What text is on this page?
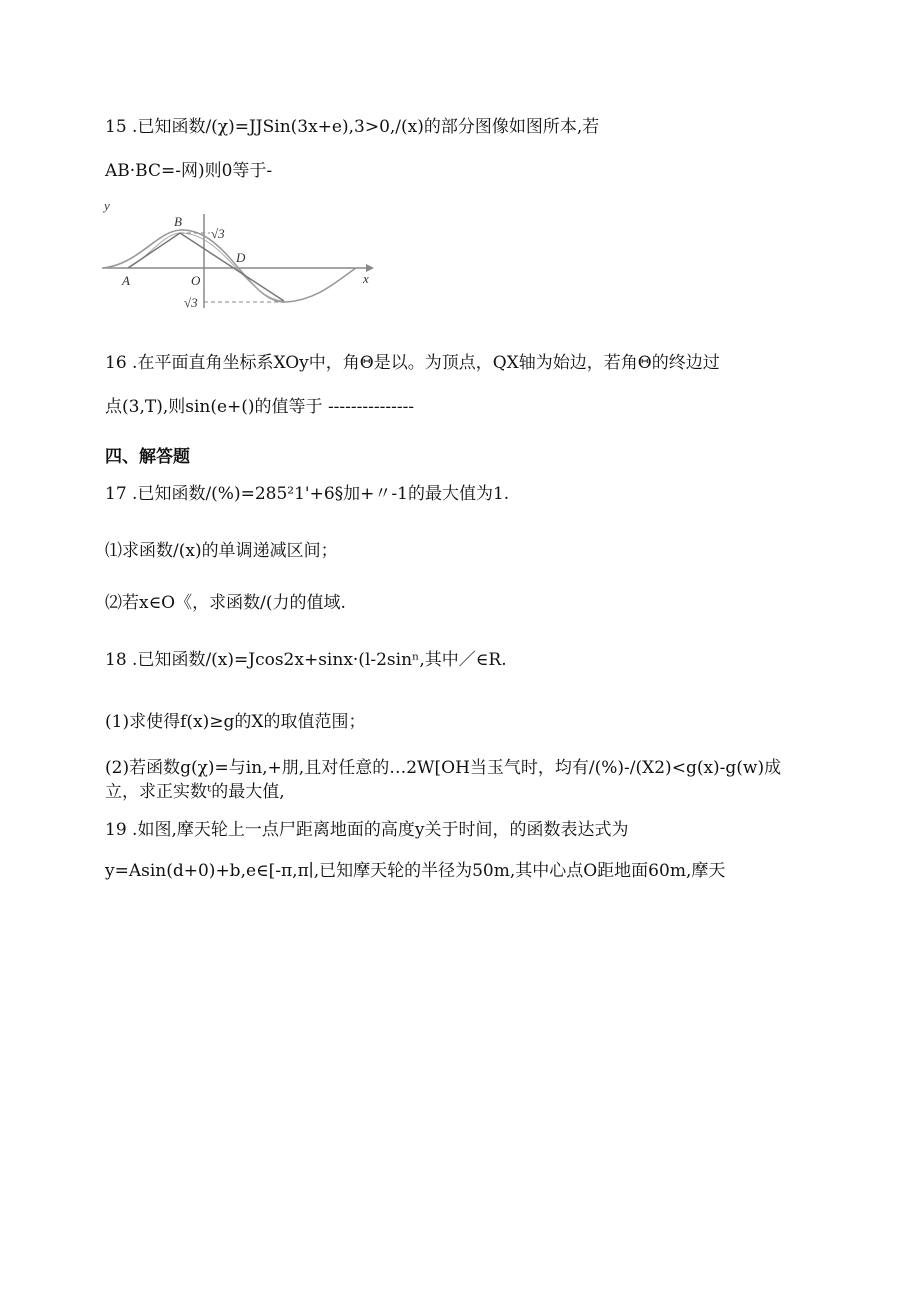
15 .已知函数/(χ)=JJSin(3x+e),3>0,∕(x)的部分图像如图所本,若
AB·BC=-网)则0等于-
y
x
A
B
O
D
√3
√3
16 .在平面直角坐标系XOy中，角Θ是以。为顶点，QX轴为始边，若角Θ的终边过
点(3,T),则sin(e+()的值等于 ---------------
四、解答题
17 .已知函数/(%)=285²1'+6§加+〃-1的最大值为1.
⑴求函数/(x)的单调递减区间；
⑵若x∈O《，求函数/(力的值域.
18 .已知函数/(x)=Jcos2x+sinx·(l-2sinⁿ,其中／∈R.
(1)求使得f(x)≥g的X的取值范围；
(2)若函数g(χ)=与in,+朋,且对任意的…2W[OH当玉气时，均有/(%)-/(X2)<g(x)-g(w)成
立，求正实数ᵗ的最大值,
19 .如图,摩天轮上一点尸距离地面的高度y关于时间，的函数表达式为
y=Asin(d+0)+b,e∈[-π,π∣,已知摩天轮的半径为50m,其中心点O距地面60m,摩天
